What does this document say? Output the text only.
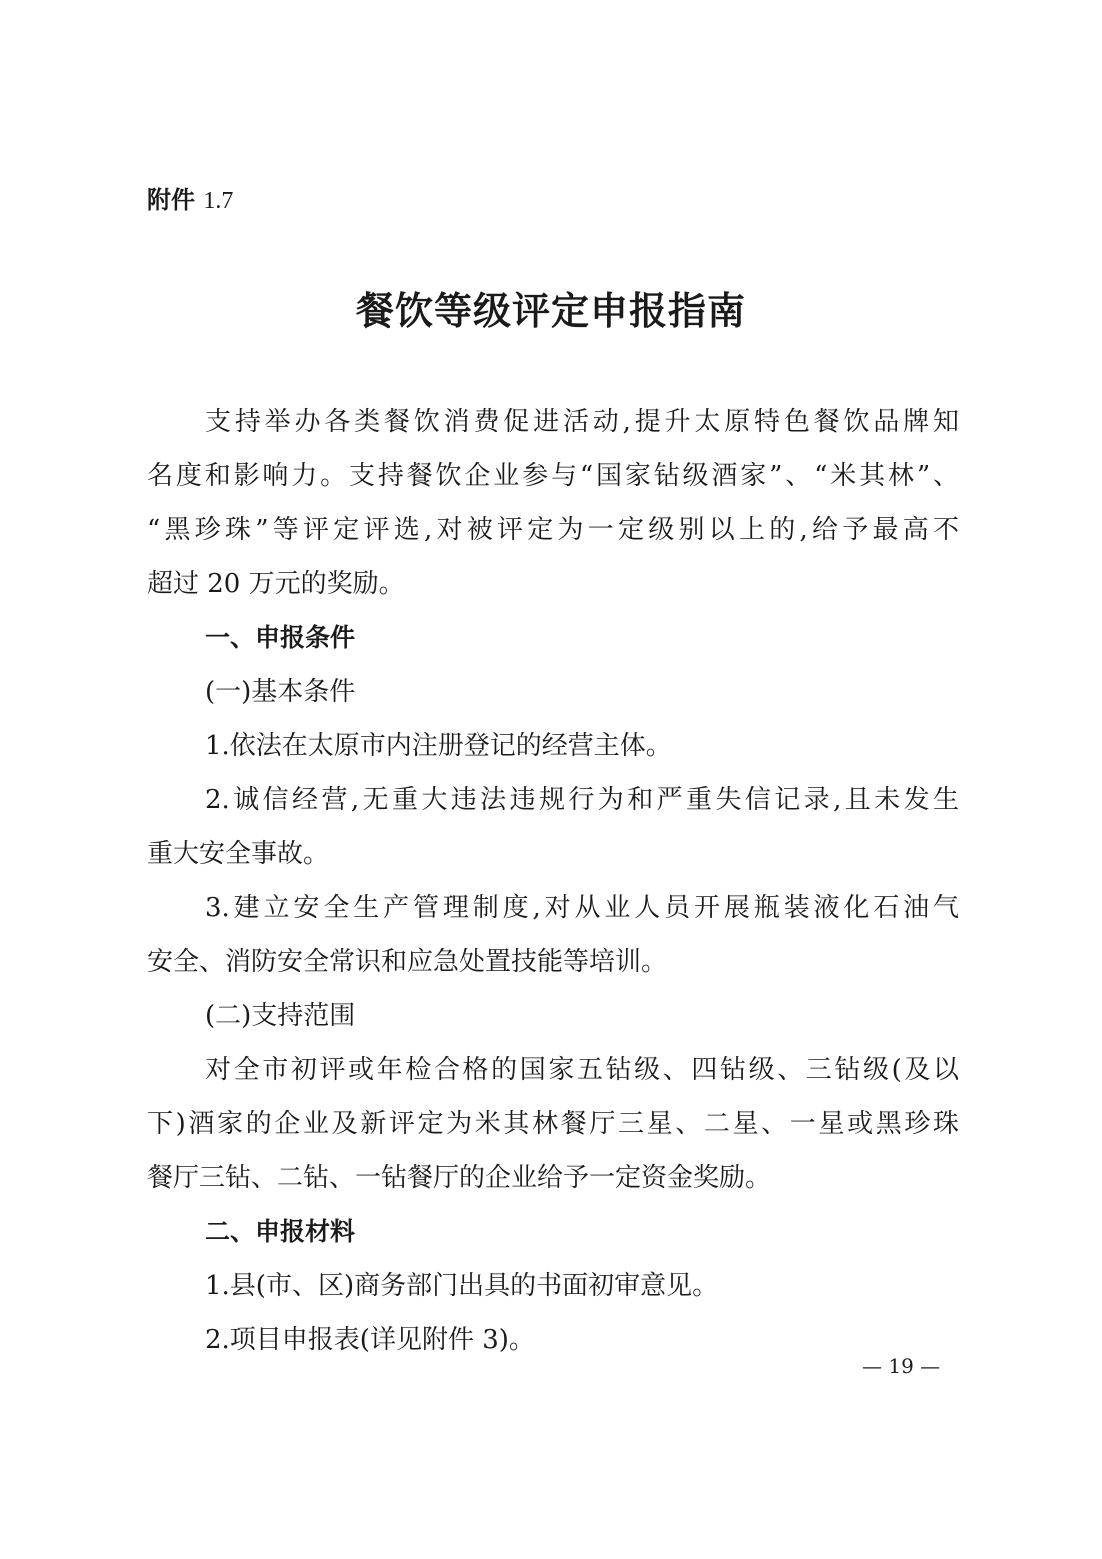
附件 1.7
餐饮等级评定申报指南
支持举办各类餐饮消费促进活动,提升太原特色餐饮品牌知
名度和影响力。支持餐饮企业参与“国家钻级酒家”、“米其林”、
“黑珍珠”等评定评选,对被评定为一定级别以上的,给予最高不
超过 20 万元的奖励。
一、申报条件
(一)基本条件
1.依法在太原市内注册登记的经营主体。
2.诚信经营,无重大违法违规行为和严重失信记录,且未发生
重大安全事故。
3.建立安全生产管理制度,对从业人员开展瓶装液化石油气
安全、消防安全常识和应急处置技能等培训。
(二)支持范围
对全市初评或年检合格的国家五钻级、四钻级、三钻级(及以
下)酒家的企业及新评定为米其林餐厅三星、二星、一星或黑珍珠
餐厅三钻、二钻、一钻餐厅的企业给予一定资金奖励。
二、申报材料
1.县(市、区)商务部门出具的书面初审意见。
2.项目申报表(详见附件 3)。
— 19 —
